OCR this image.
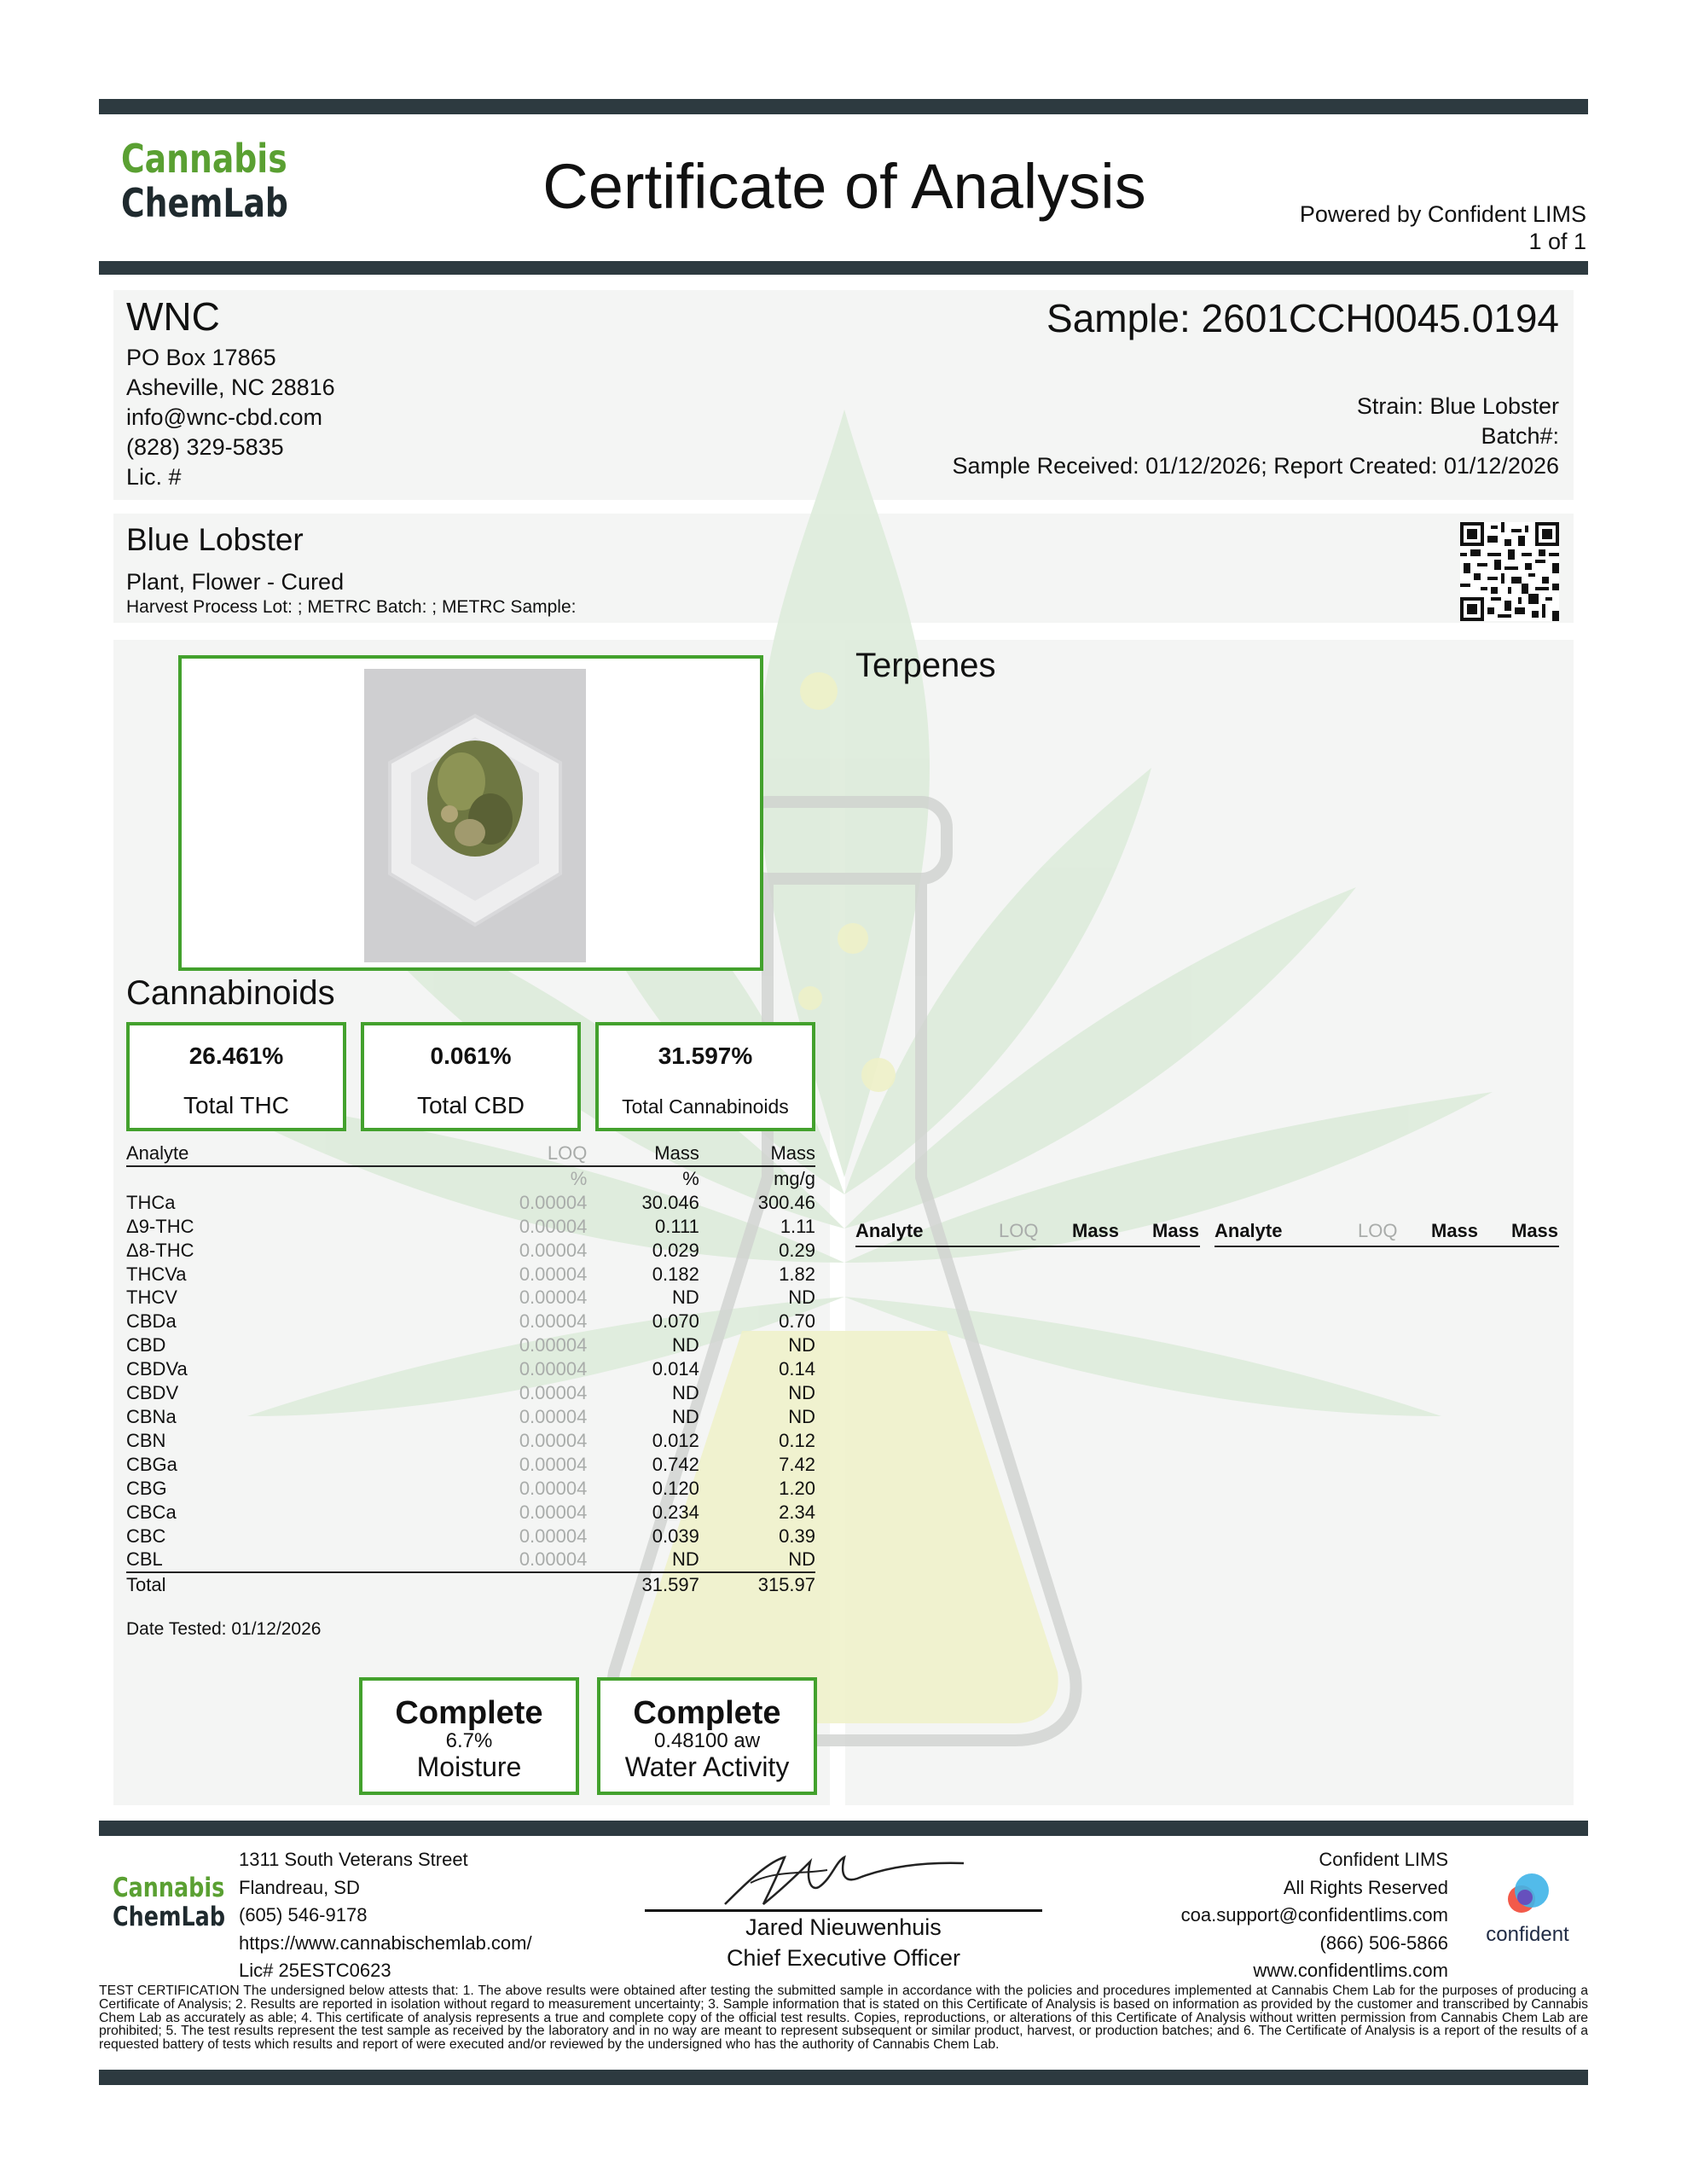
Cannabis
ChemLab	Certificate of Analysis	Powered by Confident LIMS
1 of 1
WNC
PO Box 17865
Asheville, NC 28816
info@wnc-cbd.com
(828) 329-5835
Lic. #
Sample: 2601CCH0045.0194
Strain: Blue Lobster
Batch#:
Sample Received: 01/12/2026; Report Created: 01/12/2026
Blue Lobster
Plant, Flower - Cured
Harvest Process Lot: ; METRC Batch: ; METRC Sample:
Cannabinoids
26.461%
Total THC
0.061%
Total CBD
31.597%
Total Cannabinoids
Analyte	LOQ	Mass	Mass
	%	%	mg/g
THCa	0.00004	30.046	300.46
Δ9-THC	0.00004	0.111	1.11
Δ8-THC	0.00004	0.029	0.29
THCVa	0.00004	0.182	1.82
THCV	0.00004	ND	ND
CBDa	0.00004	0.070	0.70
CBD	0.00004	ND	ND
CBDVa	0.00004	0.014	0.14
CBDV	0.00004	ND	ND
CBNa	0.00004	ND	ND
CBN	0.00004	0.012	0.12
CBGa	0.00004	0.742	7.42
CBG	0.00004	0.120	1.20
CBCa	0.00004	0.234	2.34
CBC	0.00004	0.039	0.39
CBL	0.00004	ND	ND
Total		31.597	315.97
Date Tested: 01/12/2026
Complete
6.7%
Moisture
Complete
0.48100 aw
Water Activity
Terpenes
Analyte	LOQ Mass Mass Analyte	LOQ Mass Mass
Cannabis
ChemLab
1311 South Veterans Street
Flandreau, SD
(605) 546-9178
https://www.cannabischemlab.com/
Lic# 25ESTC0623
Jared Nieuwenhuis
Chief Executive Officer
Confident LIMS
All Rights Reserved
coa.support@confidentlims.com
(866) 506-5866
www.confidentlims.com
confident
TEST CERTIFICATION The undersigned below attests that: 1. The above results were obtained after testing the submitted sample in accordance with the policies and procedures implemented at Cannabis Chem Lab for the purposes of producing a Certificate of Analysis; 2. Results are reported in isolation without regard to measurement uncertainty; 3. Sample information that is stated on this Certificate of Analysis is based on information as provided by the customer and transcribed by Cannabis Chem Lab as accurately as able; 4. This certificate of analysis represents a true and complete copy of the official test results. Copies, reproductions, or alterations of this Certificate of Analysis without written permission from Cannabis Chem Lab are prohibited; 5. The test results represent the test sample as received by the laboratory and in no way are meant to represent subsequent or similar product, harvest, or production batches; and 6. The Certificate of Analysis is a report of the results of a requested battery of tests which results and report of were executed and/or reviewed by the undersigned who has the authority of Cannabis Chem Lab.
